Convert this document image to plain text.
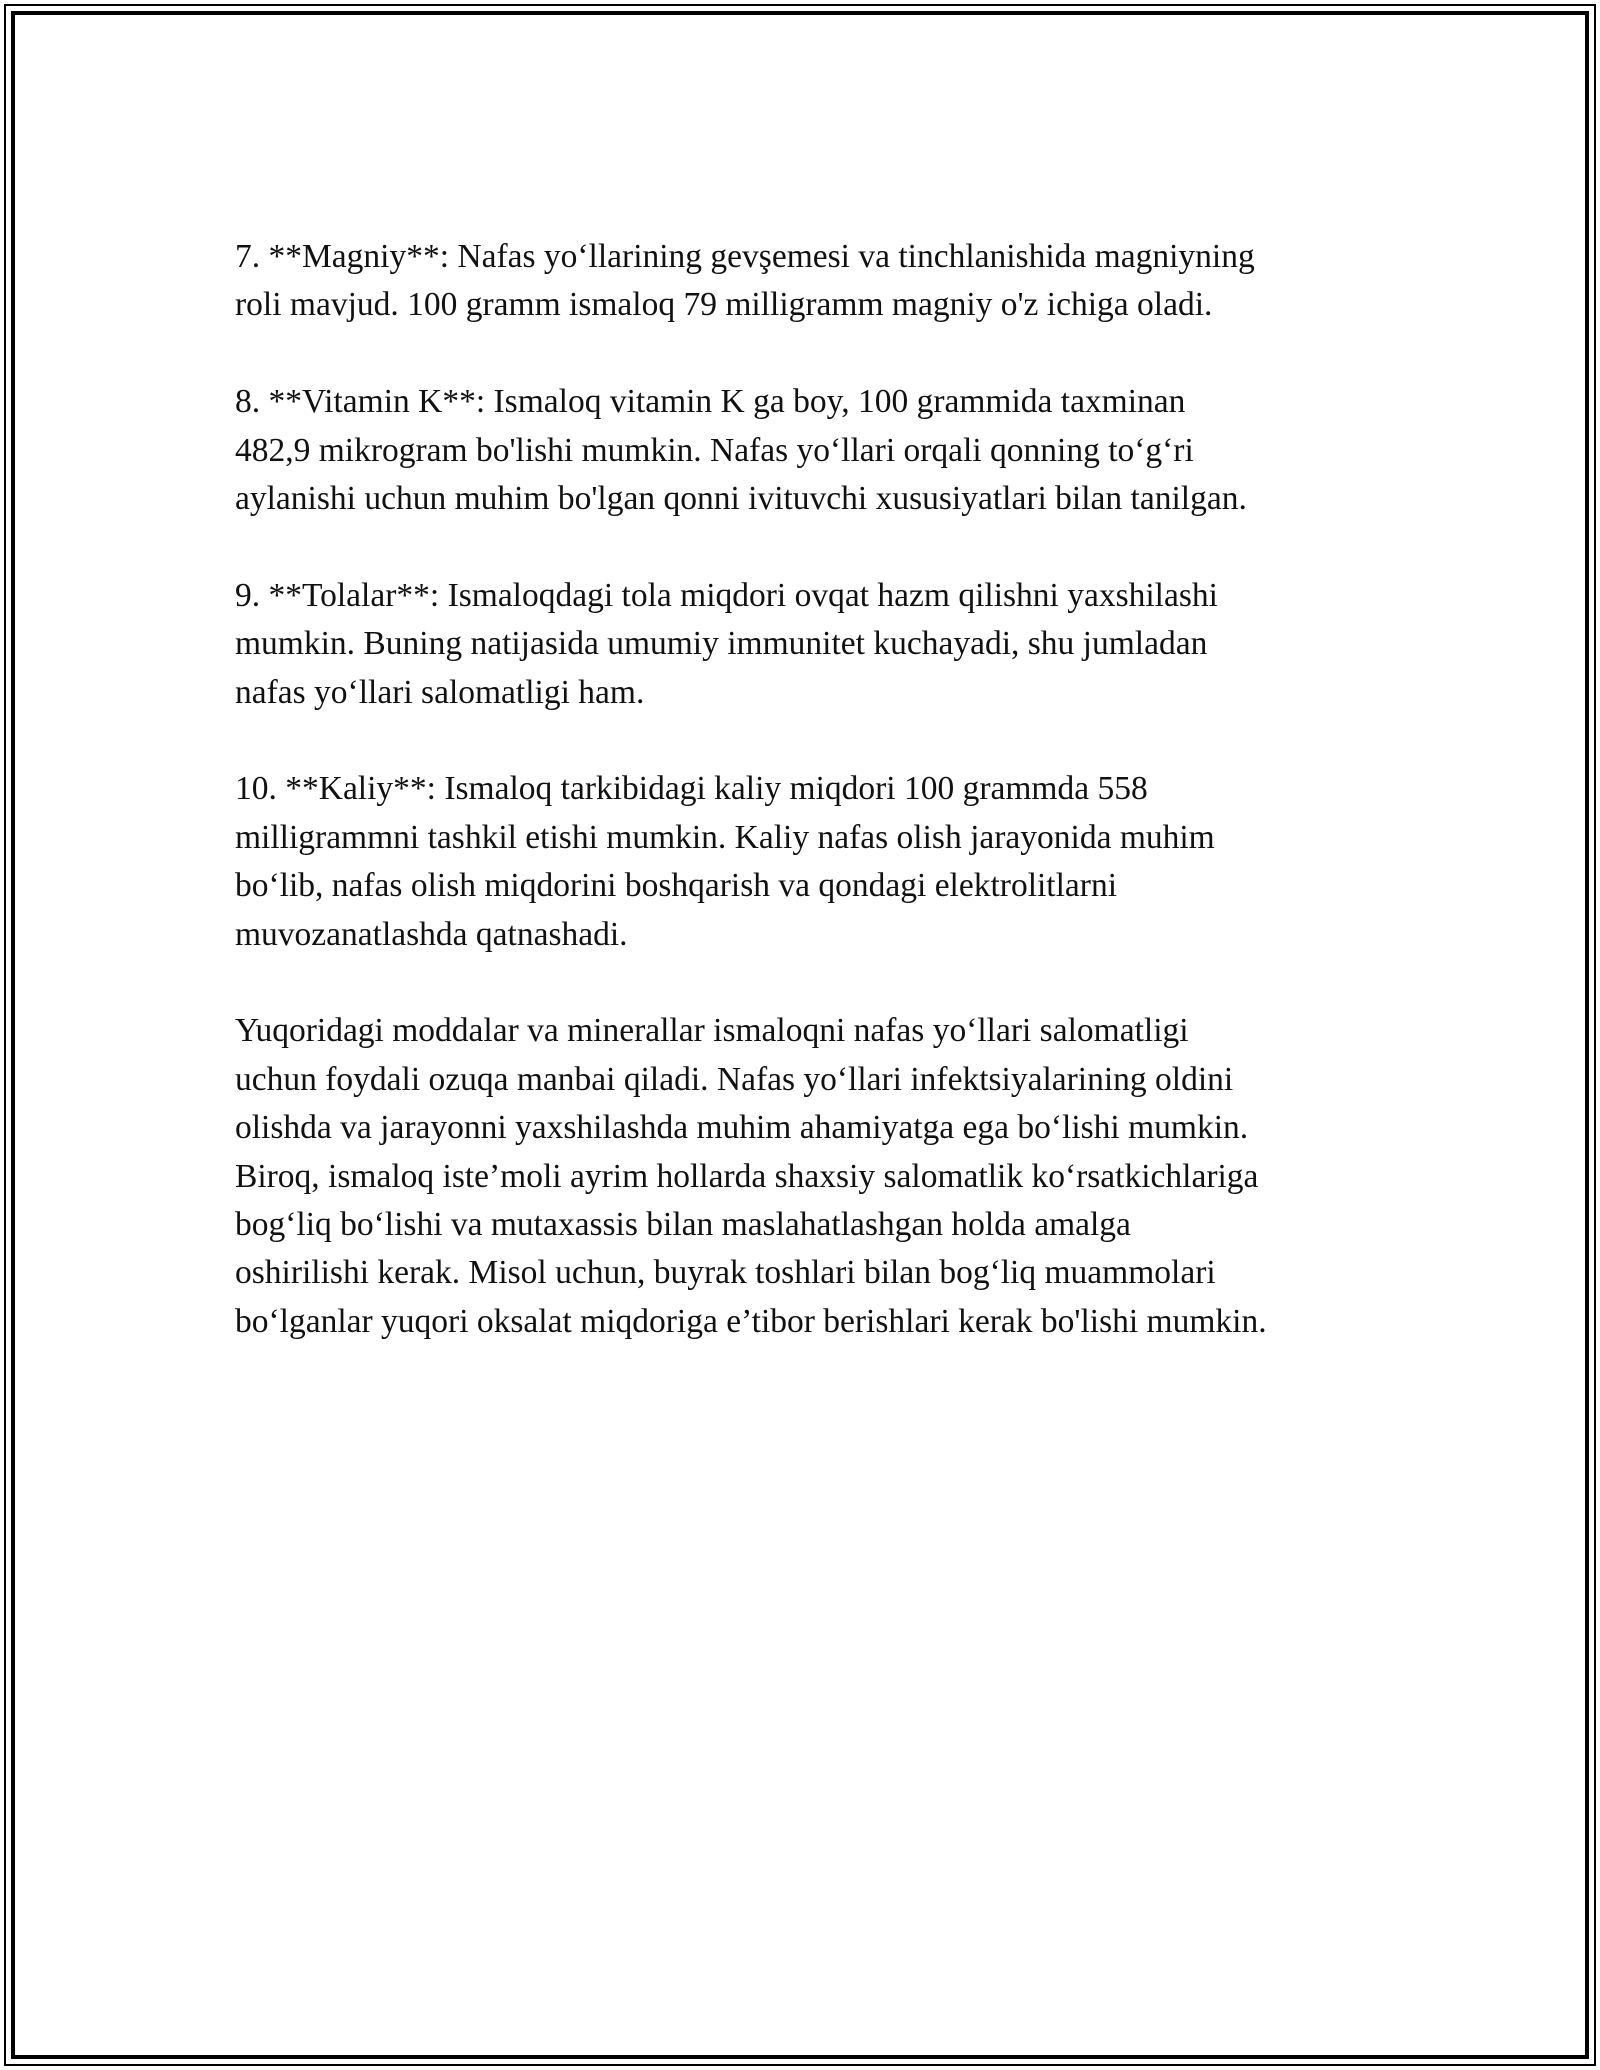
7. **Magniy**: Nafas yo‘llarining gevşemesi va tinchlanishida magniyning
roli mavjud. 100 gramm ismaloq 79 milligramm magniy o'z ichiga oladi.

8. **Vitamin K**: Ismaloq vitamin K ga boy, 100 grammida taxminan
482,9 mikrogram bo'lishi mumkin. Nafas yo‘llari orqali qonning to‘g‘ri
aylanishi uchun muhim bo'lgan qonni ivituvchi xususiyatlari bilan tanilgan.

9. **Tolalar**: Ismaloqdagi tola miqdori ovqat hazm qilishni yaxshilashi
mumkin. Buning natijasida umumiy immunitet kuchayadi, shu jumladan
nafas yo‘llari salomatligi ham.

10. **Kaliy**: Ismaloq tarkibidagi kaliy miqdori 100 grammda 558
milligrammni tashkil etishi mumkin. Kaliy nafas olish jarayonida muhim
bo‘lib, nafas olish miqdorini boshqarish va qondagi elektrolitlarni
muvozanatlashda qatnashadi.

Yuqoridagi moddalar va minerallar ismaloqni nafas yo‘llari salomatligi
uchun foydali ozuqa manbai qiladi. Nafas yo‘llari infektsiyalarining oldini
olishda va jarayonni yaxshilashda muhim ahamiyatga ega bo‘lishi mumkin.
Biroq, ismaloq iste’moli ayrim hollarda shaxsiy salomatlik ko‘rsatkichlariga
bog‘liq bo‘lishi va mutaxassis bilan maslahatlashgan holda amalga
oshirilishi kerak. Misol uchun, buyrak toshlari bilan bog‘liq muammolari
bo‘lganlar yuqori oksalat miqdoriga e’tibor berishlari kerak bo'lishi mumkin.
